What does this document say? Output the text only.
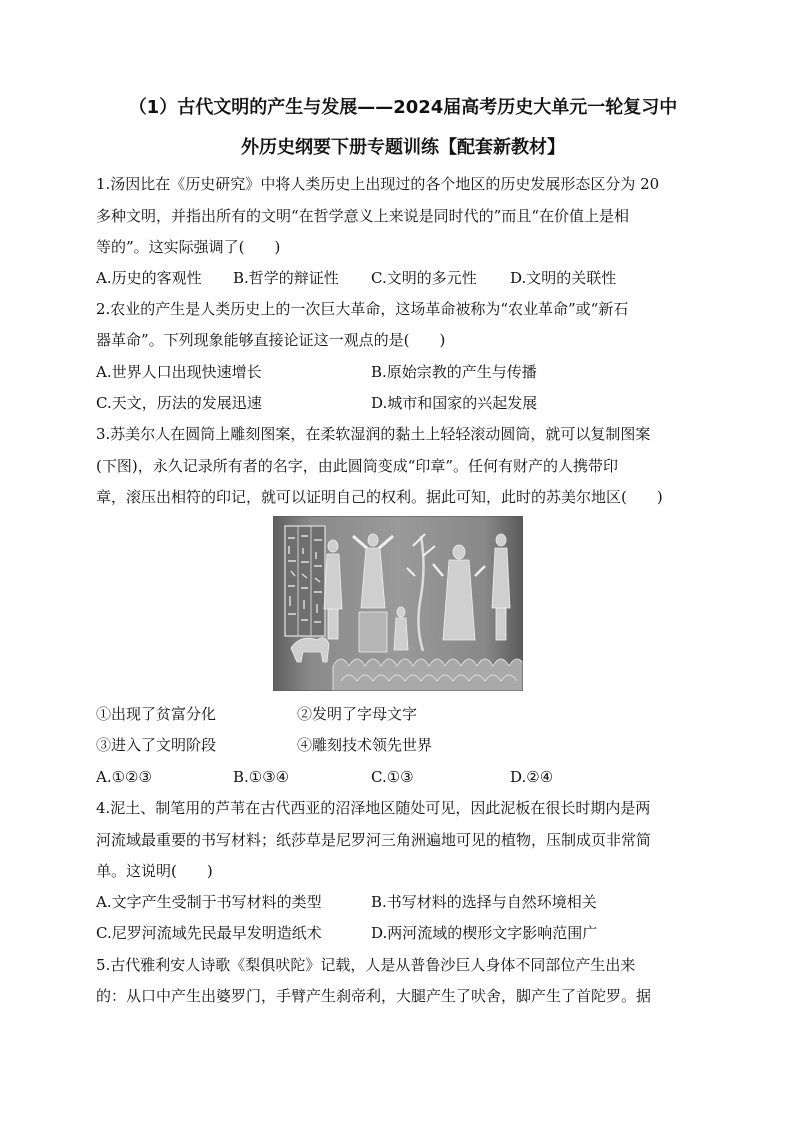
（1）古代文明的产生与发展——2024届高考历史大单元一轮复习中
外历史纲要下册专题训练【配套新教材】
1.汤因比在《历史研究》中将人类历史上出现过的各个地区的历史发展形态区分为 20
多种文明，并指出所有的文明“在哲学意义上来说是同时代的”而且“在价值上是相
等的”。这实际强调了(　　)
A.历史的客观性 B.哲学的辩证性 C.文明的多元性 D.文明的关联性
2.农业的产生是人类历史上的一次巨大革命，这场革命被称为“农业革命”或“新石
器革命”。下列现象能够直接论证这一观点的是(　　)
A.世界人口出现快速增长	B.原始宗教的产生与传播
C.天文，历法的发展迅速	D.城市和国家的兴起发展
3.苏美尔人在圆筒上雕刻图案，在柔软湿润的黏土上轻轻滚动圆筒，就可以复制图案
(下图)，永久记录所有者的名字，由此圆筒变成“印章”。任何有财产的人携带印
章，滚压出相符的印记，就可以证明自己的权利。据此可知，此时的苏美尔地区(　　)
①出现了贫富分化	②发明了字母文字
③进入了文明阶段	④雕刻技术领先世界
A.①②③	B.①③④	C.①③	D.②④
4.泥土、制笔用的芦苇在古代西亚的沼泽地区随处可见，因此泥板在很长时期内是两
河流域最重要的书写材料；纸莎草是尼罗河三角洲遍地可见的植物，压制成页非常简
单。这说明(　　)
A.文字产生受制于书写材料的类型	B.书写材料的选择与自然环境相关
C.尼罗河流域先民最早发明造纸术	D.两河流域的楔形文字影响范围广
5.古代雅利安人诗歌《梨俱吠陀》记载，人是从普鲁沙巨人身体不同部位产生出来
的：从口中产生出婆罗门，手臂产生刹帝利，大腿产生了吠舍，脚产生了首陀罗。据
